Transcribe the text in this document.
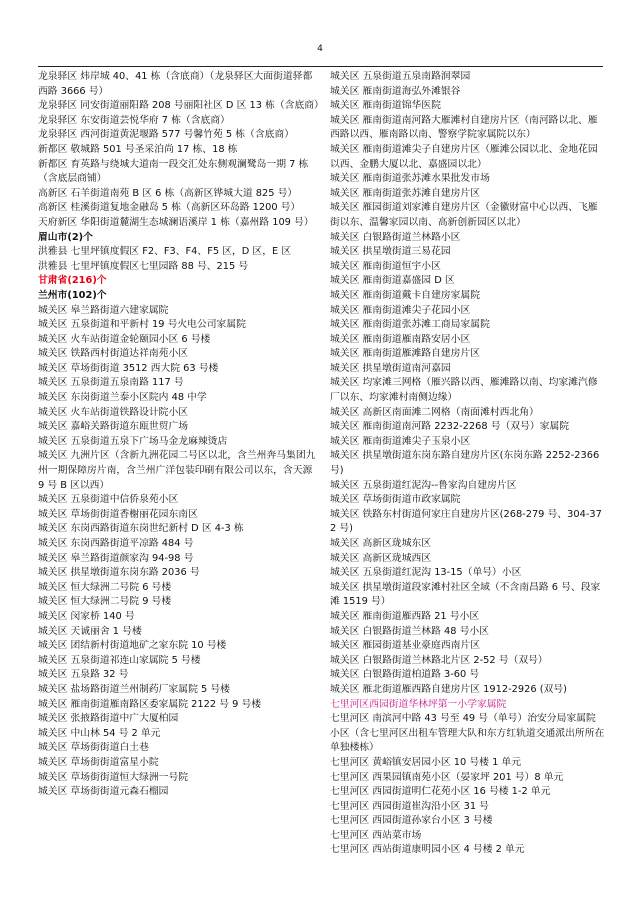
4
龙泉驿区 炜岸城 40、41 栋（含底商）（龙泉驿区大面街道驿都西路 3666 号）
龙泉驿区 同安街道丽阳路 208 号丽阳社区 D 区 13 栋（含底商）
龙泉驿区 东安街道芸悦华府 7 栋（含底商）
龙泉驿区 西河街道黄泥堰路 577 号馨竹苑 5 栋（含底商）
新都区 敬城路 501 号圣采泊尚 17 栋、18 栋
新都区 育英路与绕城大道南一段交汇处东侧观澜鹭岛一期 7 栋（含底层商铺）
高新区 石羊街道南苑 B 区 6 栋（高新区铧城大道 825 号）
高新区 桂溪街道复地金融岛 5 栋（高新区环岛路 1200 号）
天府新区 华阳街道麓湖生态城澜语溪岸 1 栋（嘉州路 109 号）
眉山市(2)个
洪雅县 七里坪镇度假区 F2、F3、F4、F5 区，D 区，E 区
洪雅县 七里坪镇度假区七里园路 88 号、215 号
甘肃省(216)个
兰州市(102)个
城关区 皋兰路街道六建家属院
城关区 五泉街道和平新村 19 号火电公司家属院
城关区 火车站街道金轮颐园小区 6 号楼
城关区 铁路西村街道达祥南苑小区
城关区 草场街街道 3512 西大院 63 号楼
城关区 五泉街道五泉南路 117 号
城关区 东岗街道兰泰小区院内 48 中学
城关区 火车站街道铁路设计院小区
城关区 嘉峪关路街道东瓯世贸广场
城关区 五泉街道五泉下广场马金龙麻辣烫店
城关区 九洲片区（含新九洲花园二号区以北，含兰州奔马集团九州一期保障房片南，含兰州广洋包装印刷有限公司以东，含天源 9 号 B 区以西）
城关区 五泉街道中信侨泉苑小区
城关区 草场街街道香榭丽花园东南区
城关区 东岗西路街道东岗世纪新村 D 区 4-3 栋
城关区 东岗西路街道平凉路 484 号
城关区 皋兰路街道颜家沟 94-98 号
城关区 拱星墩街道东岗东路 2036 号
城关区 恒大绿洲二号院 6 号楼
城关区 恒大绿洲二号院 9 号楼
城关区 闵家桥 140 号
城关区 天诚丽舍 1 号楼
城关区 团结新村街道地矿之家东院 10 号楼
城关区 五泉街道祁连山家属院 5 号楼
城关区 五泉路 32 号
城关区 盐场路街道兰州制药厂家属院 5 号楼
城关区 雁南街道雁南路区委家属院 2122 号 9 号楼
城关区 张掖路街道中广大厦柏园
城关区 中山林 54 号 2 单元
城关区 草场街街道白土巷
城关区 草场街街道富星小院
城关区 草场街街道恒大绿洲一号院
城关区 草场街街道元森石榴园
城关区 五泉街道五泉南路润翠园
城关区 雁南街道海弘外滩银谷
城关区 雁南街道锦华医院
城关区 雁南街道南河路大雁滩村自建房片区（南河路以北、雁西路以西、雁南路以南、警察学院家属院以东）
城关区 雁南街道滩尖子自建房片区（雁滩公园以北、金地花园以西、金鹏大厦以北、嘉盛园以北）
城关区 雁南街道张苏滩水果批发市场
城关区 雁南街道张苏滩自建房片区
城关区 雁园街道刘家滩自建房片区（金徽财富中心以西、飞雁街以东、温馨家园以南、高新创新园区以北）
城关区 白银路街道兰林路小区
城关区 拱星墩街道三易花园
城关区 雁南街道恒宇小区
城关区 雁南街道嘉盛园 D 区
城关区 雁南街道戴卡自建房家属院
城关区 雁南街道滩尖子花园小区
城关区 雁南街道张苏滩工商局家属院
城关区 雁南街道雁南路安居小区
城关区 雁南街道雁滩路自建房片区
城关区 拱星墩街道南河嘉园
城关区 均家滩三网格（雁兴路以西、雁滩路以南、均家滩汽修厂以东、均家滩村南侧边缘）
城关区 高新区南面滩二网格（南面滩村西北角）
城关区 雁南街道南河路 2232-2268 号（双号）家属院
城关区 雁南街道滩尖子玉泉小区
城关区 拱星墩街道东岗东路自建房片区(东岗东路 2252-2366 号)
城关区 五泉街道红泥沟--鲁家沟自建房片区
城关区 草场街街道市政家属院
城关区 铁路东村街道何家庄自建房片区(268-279 号、304-372 号)
城关区 高新区珑城东区
城关区 高新区珑城西区
城关区 五泉街道红泥沟 13-15（单号）小区
城关区 拱星墩街道段家滩村社区全域（不含南昌路 6 号、段家滩 1519 号）
城关区 雁南街道雁西路 21 号小区
城关区 白银路街道兰林路 48 号小区
城关区 雁园街道基业豪庭西南片区
城关区 白银路街道兰林路北片区 2-52 号（双号）
城关区 白银路街道柏道路 3-60 号
城关区 雁北街道雁西路自建房片区 1912-2926 (双号)
七里河区西园街道华林坪第一小学家属院
七里河区 南滨河中路 43 号至 49 号（单号）治安分局家属院小区（含七里河区出租车管理大队和东方红轨道交通派出所所在单独楼栋）
七里河区 黄峪镇安居园小区 10 号楼 1 单元
七里河区 西果园镇南苑小区（晏家坪 201 号）8 单元
七里河区 西园街道明仁花苑小区 16 号楼 1-2 单元
七里河区 西园街道崔沟沿小区 31 号
七里河区 西园街道孙家台小区 3 号楼
七里河区 西站菜市场
七里河区 西站街道康明园小区 4 号楼 2 单元
